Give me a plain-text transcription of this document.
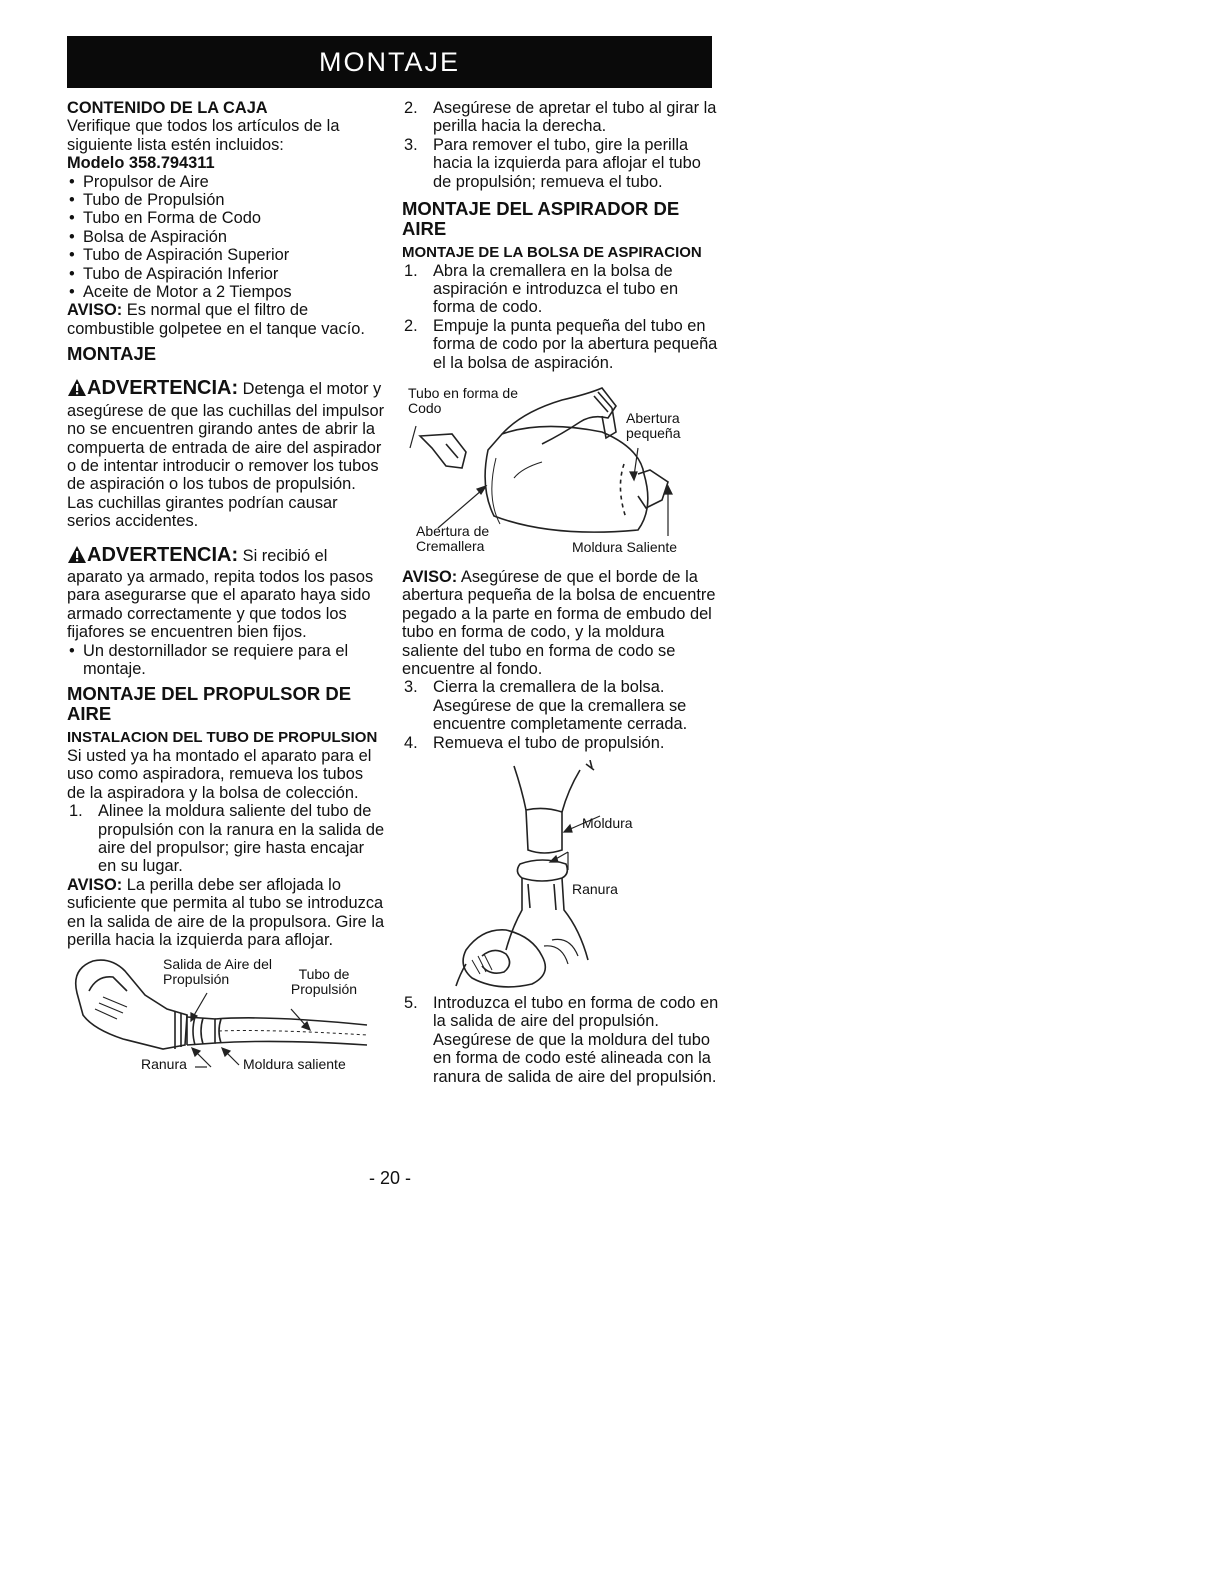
MONTAJE

CONTENIDO DE LA CAJA

Verifique que todos los artículos de la siguiente lista estén incluidos:

Modelo 358.794311

• Propulsor de Aire
• Tubo de Propulsión
• Tubo en Forma de Codo
• Bolsa de Aspiración
• Tubo de Aspiración Superior
• Tubo de Aspiración Inferior
• Aceite de Motor a 2 Tiempos

AVISO: Es normal que el filtro de combustible golpetee en el tanque vacío.

MONTAJE

ADVERTENCIA: Detenga el motor y asegúrese de que las cuchillas del impulsor no se encuentren girando antes de abrir la compuerta de entrada de aire del aspirador o de intentar introducir o remover los tubos de aspiración o los tubos de propulsión. Las cuchillas girantes podrían causar serios accidentes.

ADVERTENCIA: Si recibió el aparato ya armado, repita todos los pasos para asegurarse que el aparato haya sido armado correctamente y que todos los fijafores se encuentren bien fijos.

• Un destornillador se requiere para el montaje.

MONTAJE DEL PROPULSOR DE AIRE

INSTALACION DEL TUBO DE PROPULSION

Si usted ya ha montado el aparato para el uso como aspiradora, remueva los tubos de la aspiradora y la bolsa de colección.

1. Alinee la moldura saliente del tubo de propulsión con la ranura en la salida de aire del propulsor; gire hasta encajar en su lugar.

AVISO: La perilla debe ser aflojada lo suficiente que permita al tubo se introduzca en la salida de aire de la propulsora. Gire la perilla hacia la izquierda para aflojar.

Salida de Aire del Propulsión	Tubo de Propulsión
Ranura	Moldura saliente
2. Asegúrese de apretar el tubo al girar la perilla hacia la derecha.
3. Para remover el tubo, gire la perilla hacia la izquierda para aflojar el tubo de propulsión; remueva el tubo.

MONTAJE DEL ASPIRADOR DE AIRE

MONTAJE DE LA BOLSA DE ASPIRACION

1. Abra la cremallera en la bolsa de aspiración e introduzca el tubo en forma de codo.
2. Empuje la punta pequeña del tubo en forma de codo por la abertura pequeña el la bolsa de aspiración.
Tubo en forma de Codo
Abertura pequeña
Abertura de Cremallera	Moldura Saliente

AVISO: Asegúrese de que el borde de la abertura pequeña de la bolsa de encuentre pegado a la parte en forma de embudo del tubo en forma de codo, y la moldura saliente del tubo en forma de codo se encuentre al fondo.

3. Cierra la cremallera de la bolsa. Asegúrese de que la cremallera se encuentre completamente cerrada.
4. Remueva el tubo de propulsión.
Moldura
Ranura
5. Introduzca el tubo en forma de codo en la salida de aire del propulsión. Asegúrese de que la moldura del tubo en forma de codo esté alineada con la ranura de salida de aire del propulsión.
- 20 -
